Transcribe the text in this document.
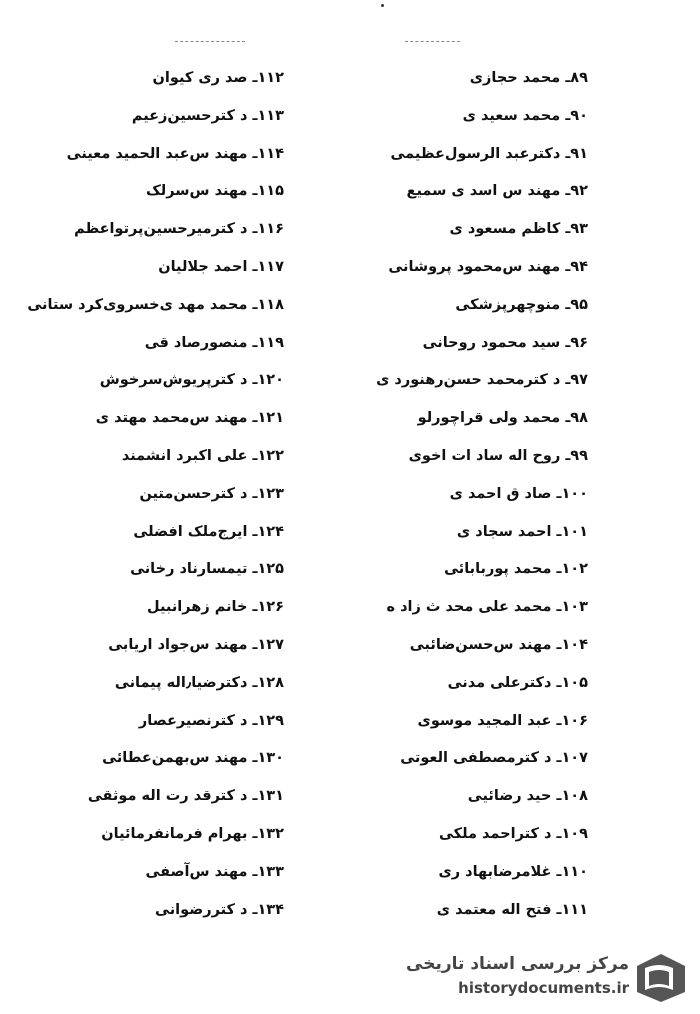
۸۹ـ محمد حجازی
۹۰ـ محمد سعید ی
۹۱ـ دکترعبد الرسول‌عظیمی
۹۲ـ مهند س اسد ی سمیع
۹۳ـ کاظم مسعود ی
۹۴ـ مهند س‌محمود پروشانی
۹۵ـ منوچهرپزشکی
۹۶ـ سید محمود روحانی
۹۷ـ د کترمحمد حسن‌رهنورد ی
۹۸ـ محمد ولی قراچورلو
۹۹ـ روح اله ساد ات اخوی
۱۰۰ـ صاد ق احمد ی
۱۰۱ـ احمد سجاد ی
۱۰۲ـ محمد پوربابائی
۱۰۳ـ محمد علی محد ث زاد ه
۱۰۴ـ مهند س‌حسن‌ضائبی
۱۰۵ـ دکترعلی مدنی
۱۰۶ـ عبد المجید موسوی
۱۰۷ـ د کترمصطفی العوتی
۱۰۸ـ حید رضائیی
۱۰۹ـ د کتراحمد ملکی
۱۱۰ـ غلامرضابهاد ری
۱۱۱ـ فتح اله معتمد ی
۱۱۲ـ صد ری کیوان
۱۱۳ـ د کترحسین‌زعیم
۱۱۴ـ مهند س‌عبد الحمید معینی
۱۱۵ـ مهند س‌سرلک
۱۱۶ـ د کترمیرحسین‌پرتواعظم
۱۱۷ـ احمد جلالیان
۱۱۸ـ محمد مهد ی‌خسروی‌کرد ستانی
۱۱۹ـ منصورصاد قی
۱۲۰ـ د کترپریوش‌سرخوش
۱۲۱ـ مهند س‌محمد مهتد ی
۱۲۲ـ علی اکبرد انشمند
۱۲۳ـ د کترحسن‌متین
۱۲۴ـ ایرج‌ملک افضلی
۱۲۵ـ تیمسارناد رخانی
۱۲۶ـ خانم زهرانبیل
۱۲۷ـ مهند س‌جواد اریابی
۱۲۸ـ دکترضیا٫اله پیمانی
۱۲۹ـ د کترنصیرعصار
۱۳۰ـ مهند س‌بهمن‌عطائی
۱۳۱ـ د کترقد رت اله موثقی
۱۳۲ـ بهرام فرمانفرمائیان
۱۳۳ـ مهند س‌آصفی
۱۳۴ـ د کتررضوانی
مرکز بررسی اسناد تاریخی
historydocuments.ir
